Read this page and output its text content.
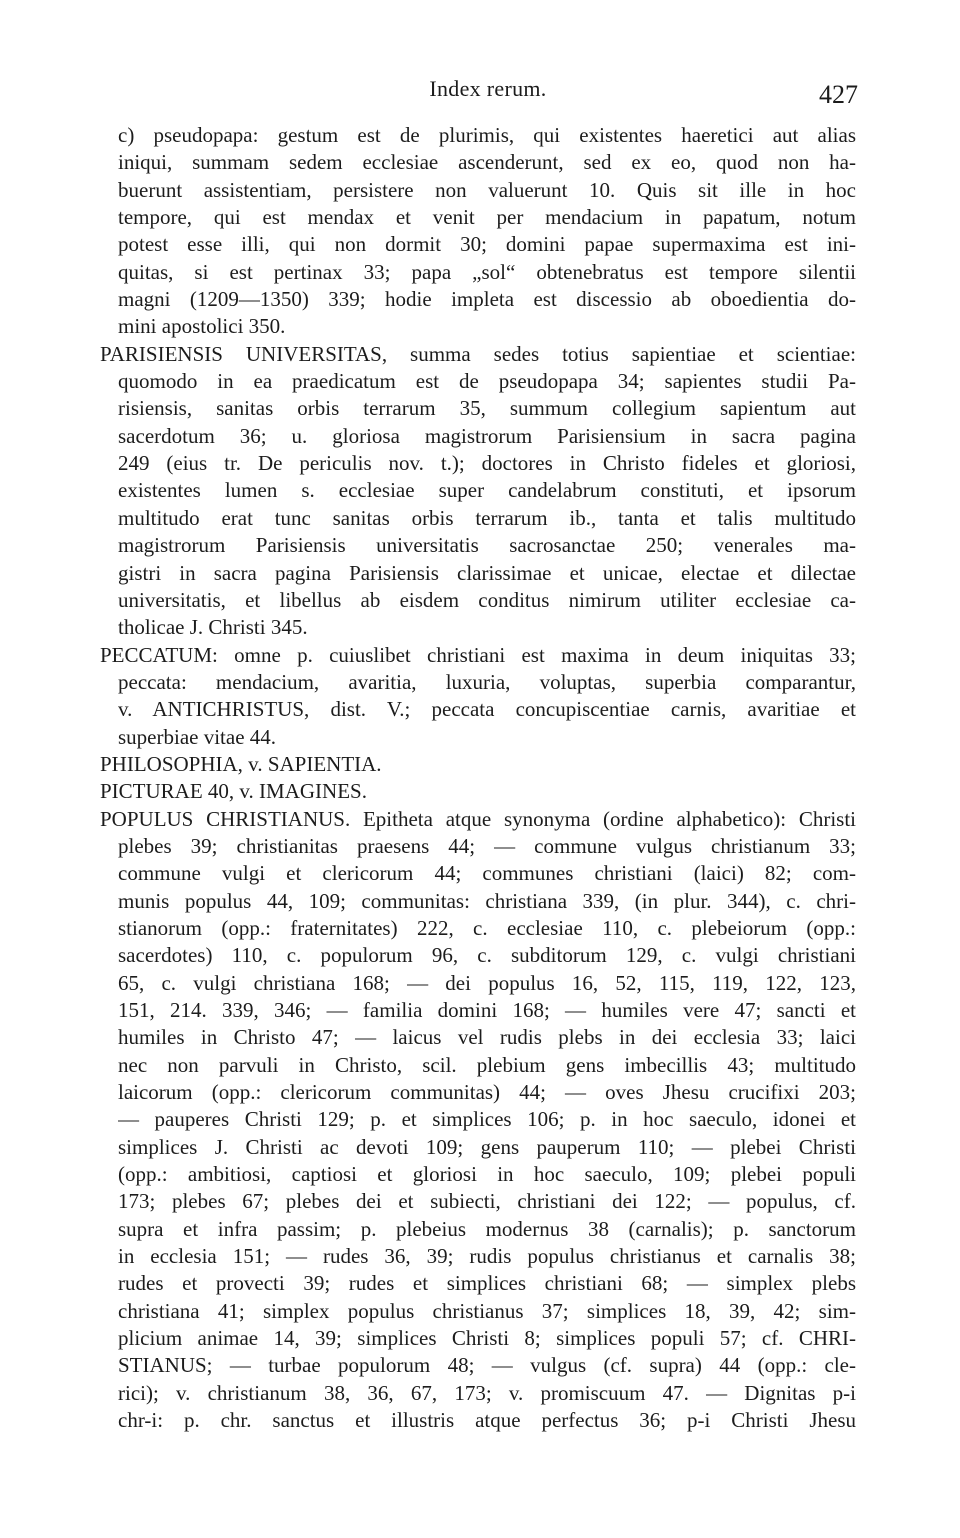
Index rerum.	427
c) pseudopapa: gestum est de plurimis, qui existentes haeretici aut alias
iniqui, summam sedem ecclesiae ascenderunt, sed ex eo, quod non ha-
buerunt assistentiam, persistere non valuerunt 10. Quis sit ille in hoc
tempore, qui est mendax et venit per mendacium in papatum, notum
potest esse illi, qui non dormit 30; domini papae supermaxima est ini-
quitas, si est pertinax 33; papa „sol“ obtenebratus est tempore silentii
magni (1209—1350) 339; hodie impleta est discessio ab oboedientia do-
mini apostolici 350.
PARISIENSIS UNIVERSITAS, summa sedes totius sapientiae et scientiae:
quomodo in ea praedicatum est de pseudopapa 34; sapientes studii Pa-
risiensis, sanitas orbis terrarum 35, summum collegium sapientum aut
sacerdotum 36; u. gloriosa magistrorum Parisiensium in sacra pagina
249 (eius tr. De periculis nov. t.); doctores in Christo fideles et gloriosi,
existentes lumen s. ecclesiae super candelabrum constituti, et ipsorum
multitudo erat tunc sanitas orbis terrarum ib., tanta et talis multitudo
magistrorum Parisiensis universitatis sacrosanctae 250; venerales ma-
gistri in sacra pagina Parisiensis clarissimae et unicae, electae et dilectae
universitatis, et libellus ab eisdem conditus nimirum utiliter ecclesiae ca-
tholicae J. Christi 345.
PECCATUM: omne p. cuiuslibet christiani est maxima in deum iniquitas 33;
peccata: mendacium, avaritia, luxuria, voluptas, superbia comparantur,
v. ANTICHRISTUS, dist. V.; peccata concupiscentiae carnis, avaritiae et
superbiae vitae 44.
PHILOSOPHIA, v. SAPIENTIA.
PICTURAE 40, v. IMAGINES.
POPULUS CHRISTIANUS. Epitheta atque synonyma (ordine alphabetico): Christi
plebes 39; christianitas praesens 44; — commune vulgus christianum 33;
commune vulgi et clericorum 44; communes christiani (laici) 82; com-
munis populus 44, 109; communitas: christiana 339, (in plur. 344), c. chri-
stianorum (opp.: fraternitates) 222, c. ecclesiae 110, c. plebeiorum (opp.:
sacerdotes) 110, c. populorum 96, c. subditorum 129, c. vulgi christiani
65, c. vulgi christiana 168; — dei populus 16, 52, 115, 119, 122, 123,
151, 214. 339, 346; — familia domini 168; — humiles vere 47; sancti et
humiles in Christo 47; — laicus vel rudis plebs in dei ecclesia 33; laici
nec non parvuli in Christo, scil. plebium gens imbecillis 43; multitudo
laicorum (opp.: clericorum communitas) 44; — oves Jhesu crucifixi 203;
— pauperes Christi 129; p. et simplices 106; p. in hoc saeculo, idonei et
simplices J. Christi ac devoti 109; gens pauperum 110; — plebei Christi
(opp.: ambitiosi, captiosi et gloriosi in hoc saeculo, 109; plebei populi
173; plebes 67; plebes dei et subiecti, christiani dei 122; — populus, cf.
supra et infra passim; p. plebeius modernus 38 (carnalis); p. sanctorum
in ecclesia 151; — rudes 36, 39; rudis populus christianus et carnalis 38;
rudes et provecti 39; rudes et simplices christiani 68; — simplex plebs
christiana 41; simplex populus christianus 37; simplices 18, 39, 42; sim-
plicium animae 14, 39; simplices Christi 8; simplices populi 57; cf. CHRI-
STIANUS; — turbae populorum 48; — vulgus (cf. supra) 44 (opp.: cle-
rici); v. christianum 38, 36, 67, 173; v. promiscuum 47. — Dignitas p-i
chr-i: p. chr. sanctus et illustris atque perfectus 36; p-i Christi Jhesu
